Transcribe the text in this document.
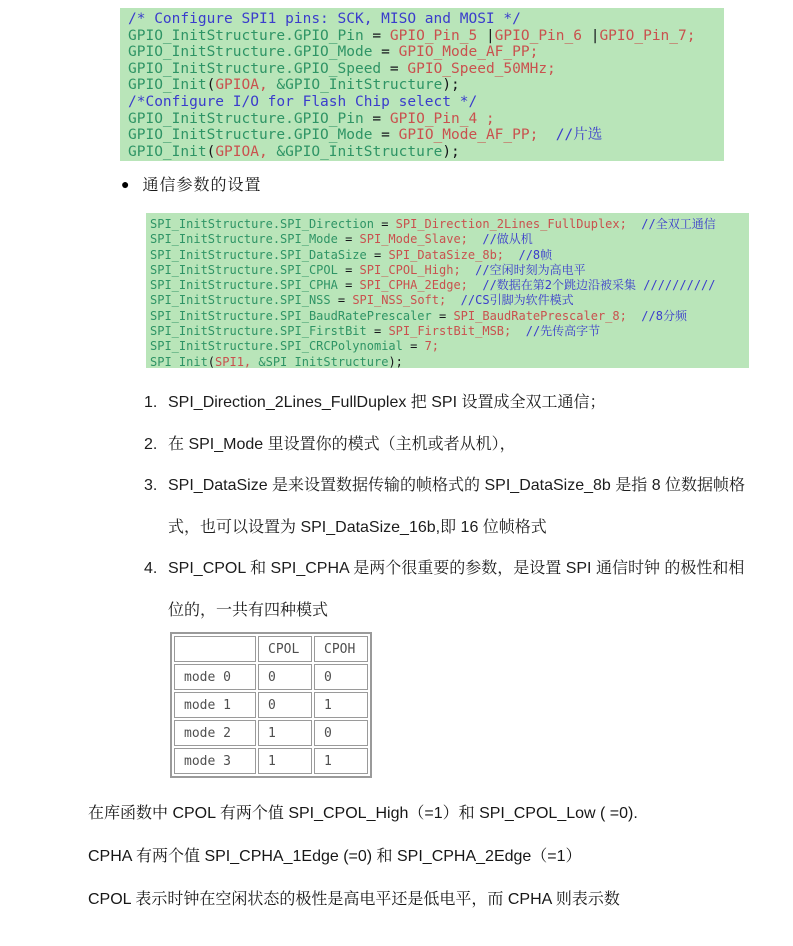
/* Configure SPI1 pins: SCK, MISO and MOSI */
GPIO_InitStructure.GPIO_Pin = GPIO_Pin_5 |GPIO_Pin_6 |GPIO_Pin_7;
GPIO_InitStructure.GPIO_Mode = GPIO_Mode_AF_PP;
GPIO_InitStructure.GPIO_Speed = GPIO_Speed_50MHz;
GPIO_Init(GPIOA, &GPIO_InitStructure);
/*Configure I/O for Flash Chip select */
GPIO_InitStructure.GPIO_Pin = GPIO_Pin_4 ;
GPIO_InitStructure.GPIO_Mode = GPIO_Mode_AF_PP;  //片选
GPIO_Init(GPIOA, &GPIO_InitStructure);
● 通信参数的设置
SPI_InitStructure.SPI_Direction = SPI_Direction_2Lines_FullDuplex;  //全双工通信
SPI_InitStructure.SPI_Mode = SPI_Mode_Slave;  //做从机
SPI_InitStructure.SPI_DataSize = SPI_DataSize_8b;  //8帧
SPI_InitStructure.SPI_CPOL = SPI_CPOL_High;  //空闲时刻为高电平
SPI_InitStructure.SPI_CPHA = SPI_CPHA_2Edge;  //数据在第2个跳边沿被采集 //////////
SPI_InitStructure.SPI_NSS = SPI_NSS_Soft;  //CS引脚为软件模式
SPI_InitStructure.SPI_BaudRatePrescaler = SPI_BaudRatePrescaler_8;  //8分频
SPI_InitStructure.SPI_FirstBit = SPI_FirstBit_MSB;  //先传高字节
SPI_InitStructure.SPI_CRCPolynomial = 7;
SPI_Init(SPI1, &SPI_InitStructure);
1. SPI_Direction_2Lines_FullDuplex 把 SPI 设置成全双工通信；
2. 在 SPI_Mode 里设置你的模式（主机或者从机），
3. SPI_DataSize 是来设置数据传输的帧格式的 SPI_DataSize_8b 是指 8 位数据帧格式，也可以设置为 SPI_DataSize_16b,即 16 位帧格式
4. SPI_CPOL 和 SPI_CPHA 是两个很重要的参数，是设置 SPI 通信时钟 的极性和相位的，一共有四种模式
	CPOL	CPOH
mode 0	0	0
mode 1	0	1
mode 2	1	0
mode 3	1	1
在库函数中 CPOL 有两个值 SPI_CPOL_High（=1）和 SPI_CPOL_Low ( =0).
CPHA 有两个值 SPI_CPHA_1Edge (=0) 和 SPI_CPHA_2Edge（=1）
CPOL 表示时钟在空闲状态的极性是高电平还是低电平，而 CPHA 则表示数
